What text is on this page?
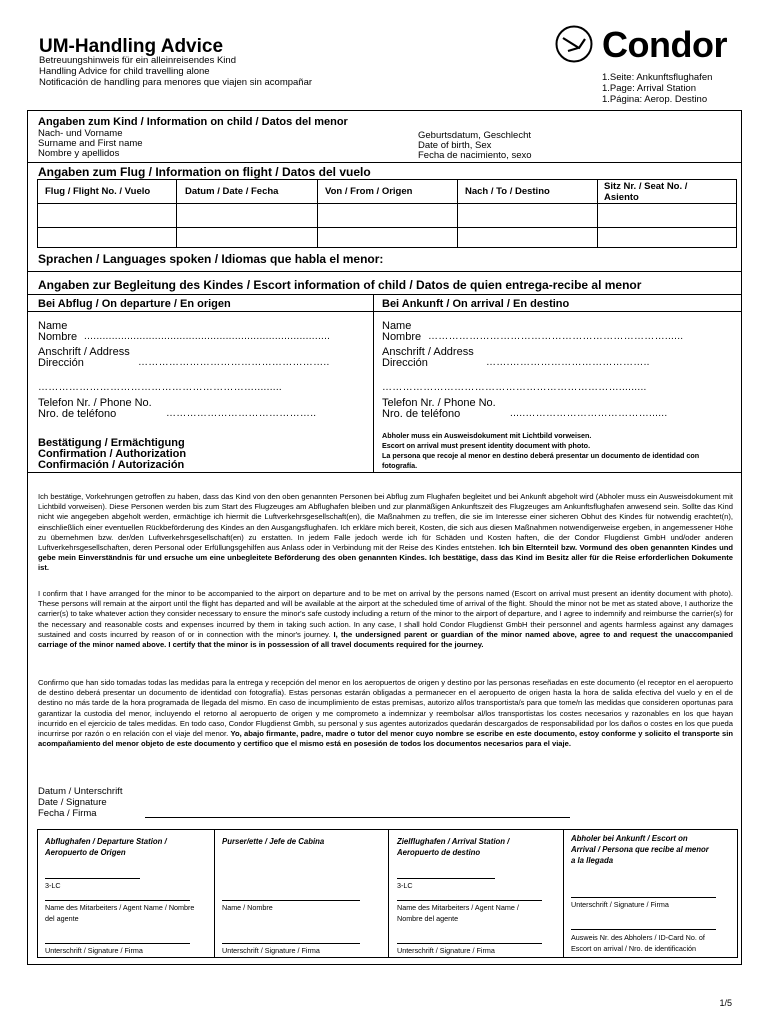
UM-Handling Advice
Betreuungshinweis für ein alleinreisendes Kind
Handling Advice for child travelling alone
Notificación de handling para menores que viajen sin acompañar
Condor
1.Seite: Ankunftsflughafen
1.Page: Arrival Station
1.Página: Aerop. Destino
Angaben zum Kind / Information on child / Datos del menor
Nach- und Vorname
Surname and First name
Nombre y apellidos
Geburtsdatum, Geschlecht
Date of birth, Sex
Fecha de nacimiento, sexo
Angaben zum Flug / Information on flight / Datos del vuelo
Flug / Flight No. / Vuelo	Datum / Date / Fecha	Von / From / Origen	Nach / To / Destino	Sitz Nr. / Seat No. /
Asiento
Sprachen / Languages spoken / Idiomas que habla el menor:
Angaben zur Begleitung des Kindes / Escort information of child / Datos de quien entrega-recibe al menor
Bei Abflug / On departure / En origen	Bei Ankunft / On arrival / En destino
Name
Nombre ................................................................................
Anschrift / Address
Dirección	………………………………………………..
……………………………………………………….........
Telefon Nr. / Phone No.
Nro. de teléfono	……………………………………..
Bestätigung / Ermächtigung
Confirmation / Authorization
Confirmación / Autorización
Name
Nombre ……………………………………………………………......
Anschrift / Address
Dirección	…….…………………………………..
…………………………………………………………….........
Telefon Nr. / Phone No.
Nro. de teléfono	.....………………………………......
Abholer muss ein Ausweisdokument mit Lichtbild vorweisen.
Escort on arrival must present identity document with photo.
La persona que recoje al menor en destino deberá presentar un documento de identidad con
fotografía.
Ich bestätige, Vorkehrungen getroffen zu haben, dass das Kind von den oben genannten Personen bei Abflug zum Flughafen begleitet und bei Ankunft abgeholt wird (Abholer muss ein Ausweisdokument mit Lichtbild vorweisen). Diese Personen werden bis zum Start des Flugzeuges am Abflughafen bleiben und zur planmäßigen Ankunftszeit des Flugzeuges am Ankunftsflughafen anwesend sein. Sollte das Kind nicht wie angegeben abgeholt werden, ermächtige ich hiermit die Luftverkehrsgesellschaft(en), die Maßnahmen zu treffen, die sie im Interesse einer sicheren Obhut des Kindes für notwendig erachtet(n), einschließlich einer eventuellen Rückbeförderung des Kindes an den Ausgangsflughafen. Ich erkläre mich bereit, Kosten, die sich aus diesen Maßnahmen notwendigerweise ergeben, in angemessener Höhe zu übernehmen bzw. der/den Luftverkehrsgesellschaft(en) zu erstatten. In jedem Falle jedoch werde ich für Schäden und Kosten haften, die der Condor Flugdienst GmbH und/oder anderen Luftverkehrsgesellschaften, deren Personal oder Erfüllungsgehilfen aus Anlass oder in Verbindung mit der Reise des Kindes entstehen. Ich bin Elternteil bzw. Vormund des oben genannten Kindes und gebe mein Einverständnis für und ersuche um eine unbegleitete Beförderung des oben genannten Kindes. Ich bestätige, dass das Kind im Besitz aller für die Reise erforderlichen Dokumente ist.
I confirm that I have arranged for the minor to be accompanied to the airport on departure and to be met on arrival by the persons named (Escort on arrival must present an identity document with photo). These persons will remain at the airport until the flight has departed and will be available at the airport at the scheduled time of arrival of the flight. Should the minor not be met as stated above, I authorize the carrier(s) to take whatever action they consider necessary to ensure the minor's safe custody including a return of the minor to the airport of departure, and I agree to indemnify and reimburse the carrier(s) for the necessary and reasonable costs and expenses incurred by them in taking such action. In any case, I shall hold Condor Flugdienst GmbH their personnel and agents harmless against any damages sustained and costs incurred by reason of or in connection with the minor's journey. I, the undersigned parent or guardian of the minor named above, agree to and request the unaccompanied carriage of the minor named above. I certify that the minor is in possession of all travel documents required for the journey.
Confirmo que han sido tomadas todas las medidas para la entrega y recepción del menor en los aeropuertos de origen y destino por las personas reseñadas en este documento (el receptor en el aeropuerto de destino deberá presentar un documento de identidad con fotografía). Estas personas estarán obligadas a permanecer en el aeropuerto de origen hasta la hora de salida efectiva del vuelo y en el de destino no más tarde de la hora programada de llegada del mismo. En caso de incumplimiento de estas premisas, autorizo al/los transportista/s para que tome/n las medidas que consideren oportunas para garantizar la custodia del menor, incluyendo el retorno al aeropuerto de origen y me comprometo a indemnizar y reembolsar al/los transportistas los costes necesarios y razonables en los que hayan incurrido en el ejercicio de tales medidas. En todo caso, Condor Flugdienst Gmbh, su personal y sus agentes autorizados quedarán descargados de responsabilidad por los daños o costes en los que pueda incurrirse por razón o en relación con el viaje del menor. Yo, abajo firmante, padre, madre o tutor del menor cuyo nombre se escribe en este documento, estoy conforme y solicito el transporte sin acompañamiento del menor objeto de este documento y certifico que el mismo está en posesión de todos los documentos necesarios para el viaje.
Datum / Unterschrift
Date / Signature
Fecha / Firma
Abflughafen / Departure Station /
Aeropuerto de Origen
3-LC
Name des Mitarbeiters / Agent Name / Nombre
del agente
Unterschrift / Signature / Firma
Purser/ette / Jefe de Cabina
Name / Nombre
Unterschrift / Signature / Firma
Zielflughafen / Arrival Station /
Aeropuerto de destino
3-LC
Name des Mitarbeiters / Agent Name /
Nombre del agente
Unterschrift / Signature / Firma
Abholer bei Ankunft / Escort on
Arrival / Persona que recibe al menor
a la llegada
Unterschrift / Signature / Firma
Ausweis Nr. des Abholers / ID-Card No. of
Escort on arrival / Nro. de identificación
1/5
